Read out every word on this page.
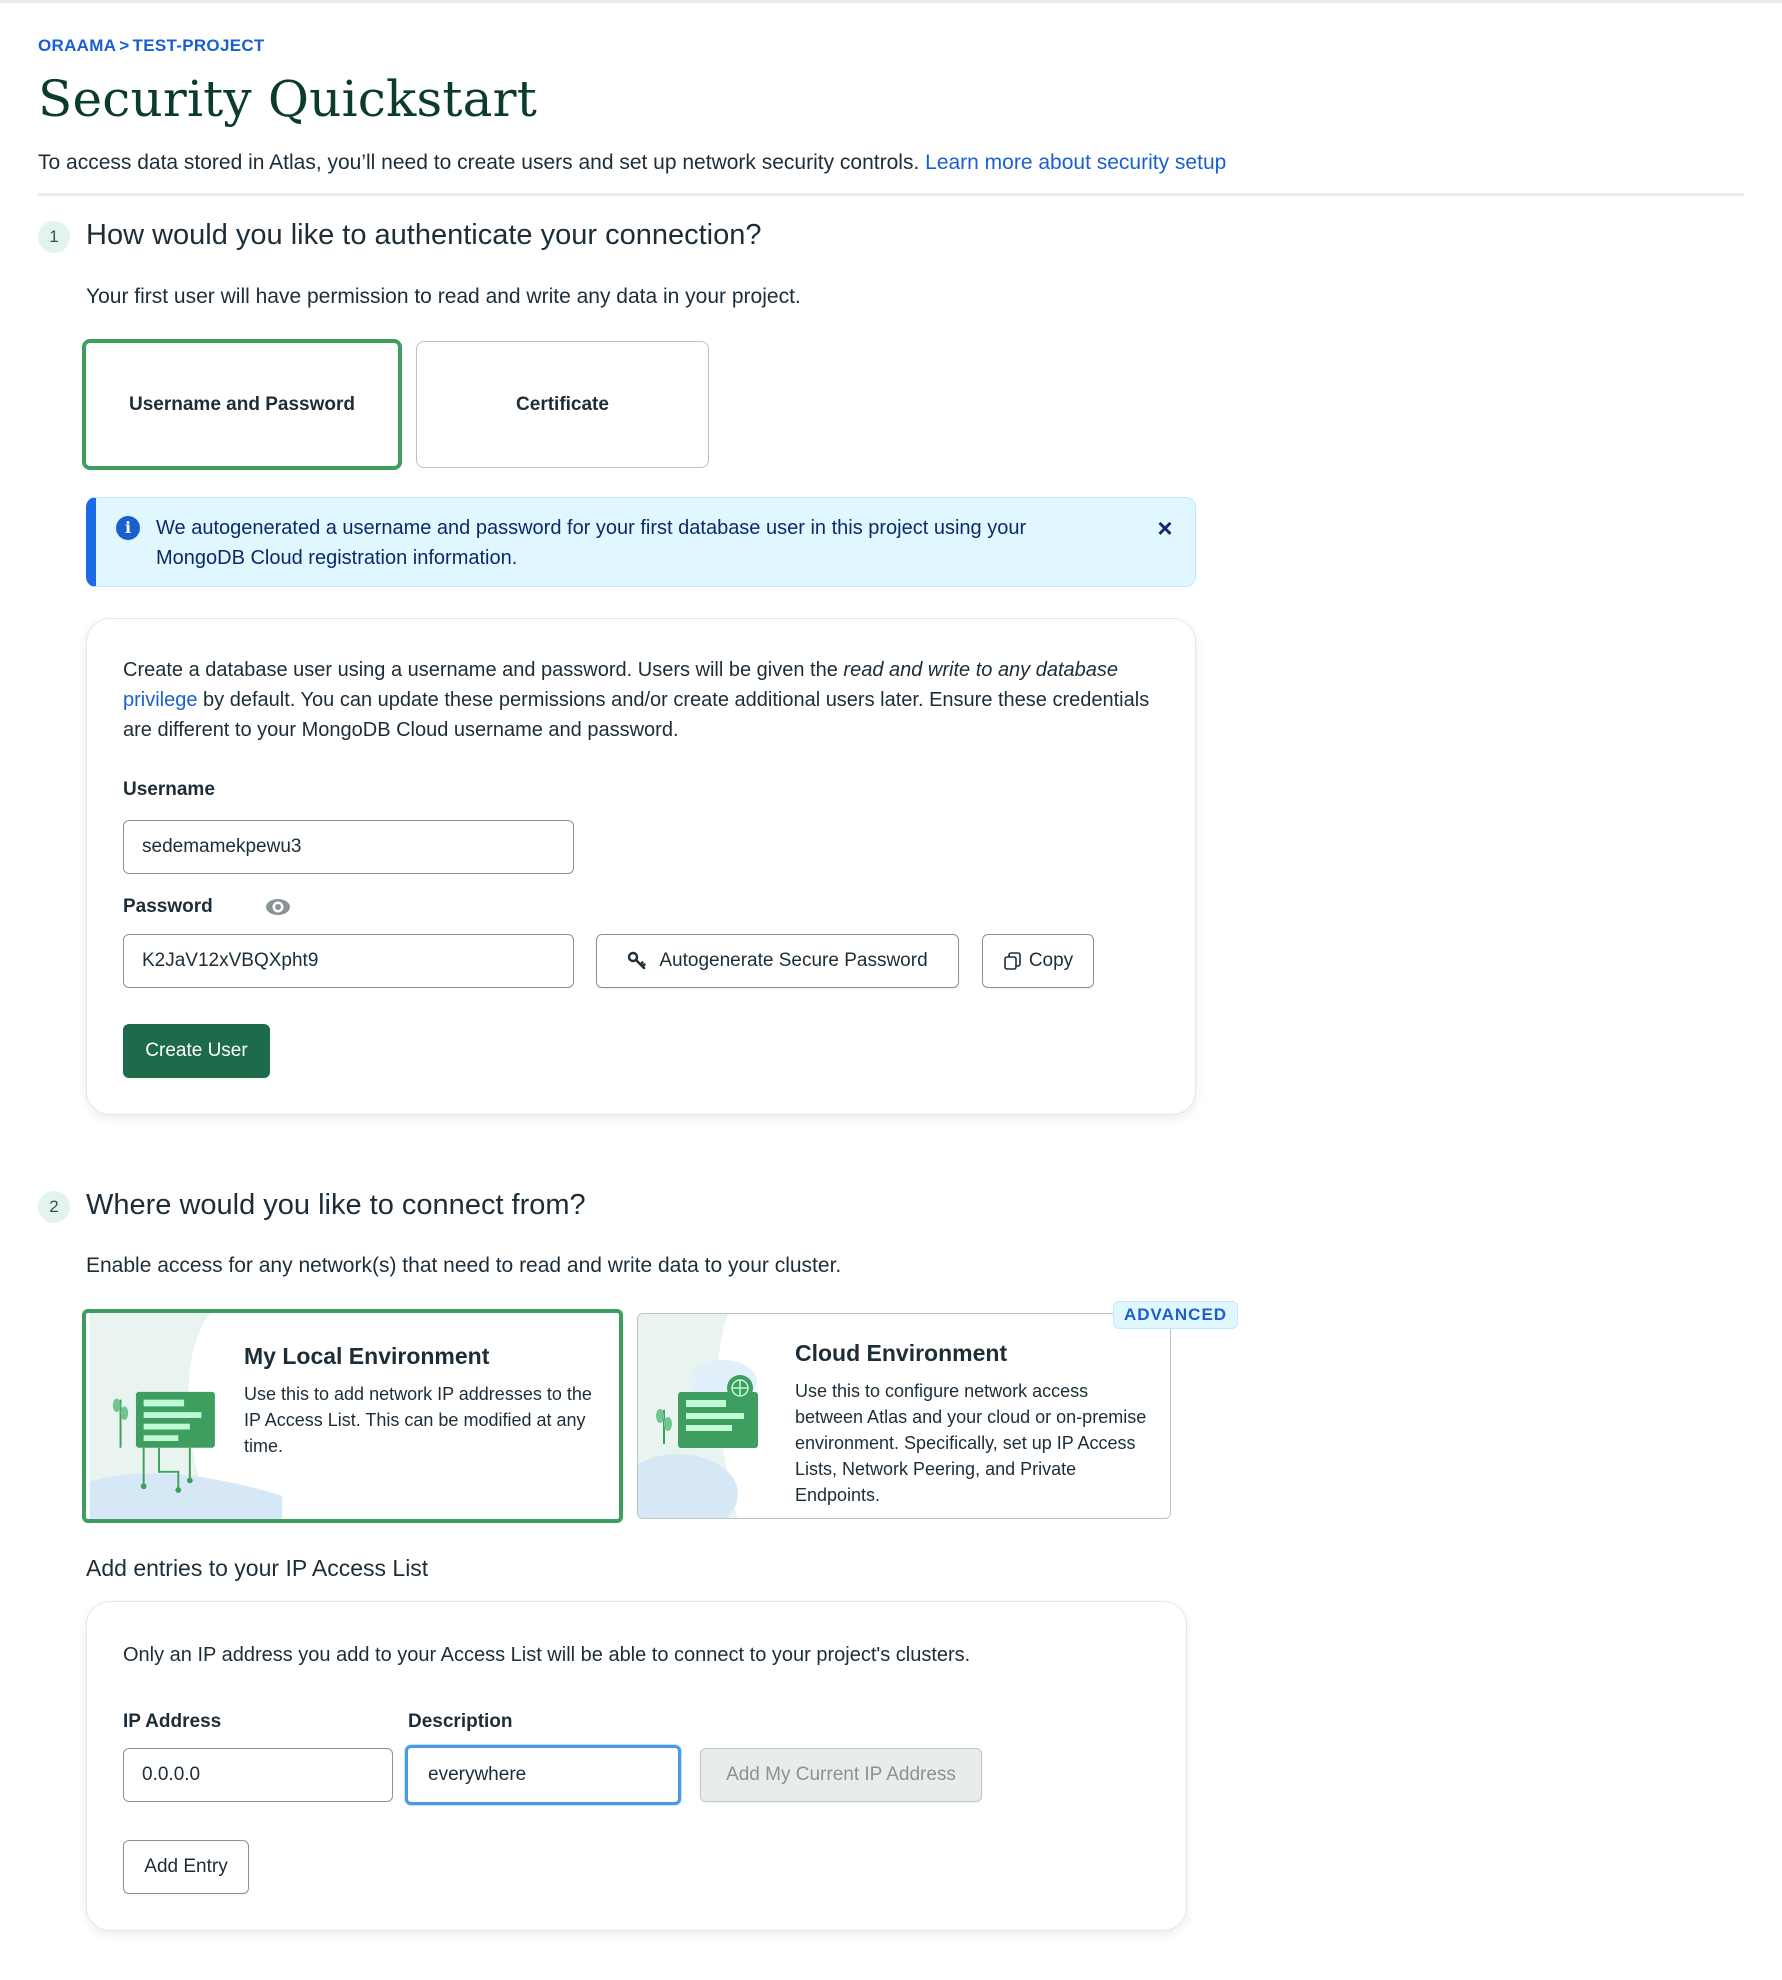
ORAAMA > TEST-PROJECT
Security Quickstart
To access data stored in Atlas, you’ll need to create users and set up network security controls. Learn more about security setup
1 How would you like to authenticate your connection?
Your first user will have permission to read and write any data in your project.
Username and Password	Certificate
i	We autogenerated a username and password for your first database user in this project using your MongoDB Cloud registration information.
×
Create a database user using a username and password. Users will be given the read and write to any database privilege by default. You can update these permissions and/or create additional users later. Ensure these credentials are different to your MongoDB Cloud username and password.
Username
sedemamekpewu3
Password
K2JaV12xVBQXpht9	Autogenerate Secure Password	Copy
Create User
2 Where would you like to connect from?
Enable access for any network(s) that need to read and write data to your cluster.
My Local Environment
Use this to add network IP addresses to the IP Access List. This can be modified at any time.
Cloud Environment
Use this to configure network access between Atlas and your cloud or on-premise environment. Specifically, set up IP Access Lists, Network Peering, and Private Endpoints.
ADVANCED
Add entries to your IP Access List
Only an IP address you add to your Access List will be able to connect to your project's clusters.
IP Address
0.0.0.0
Description
everywhere	Add My Current IP Address
Add Entry
